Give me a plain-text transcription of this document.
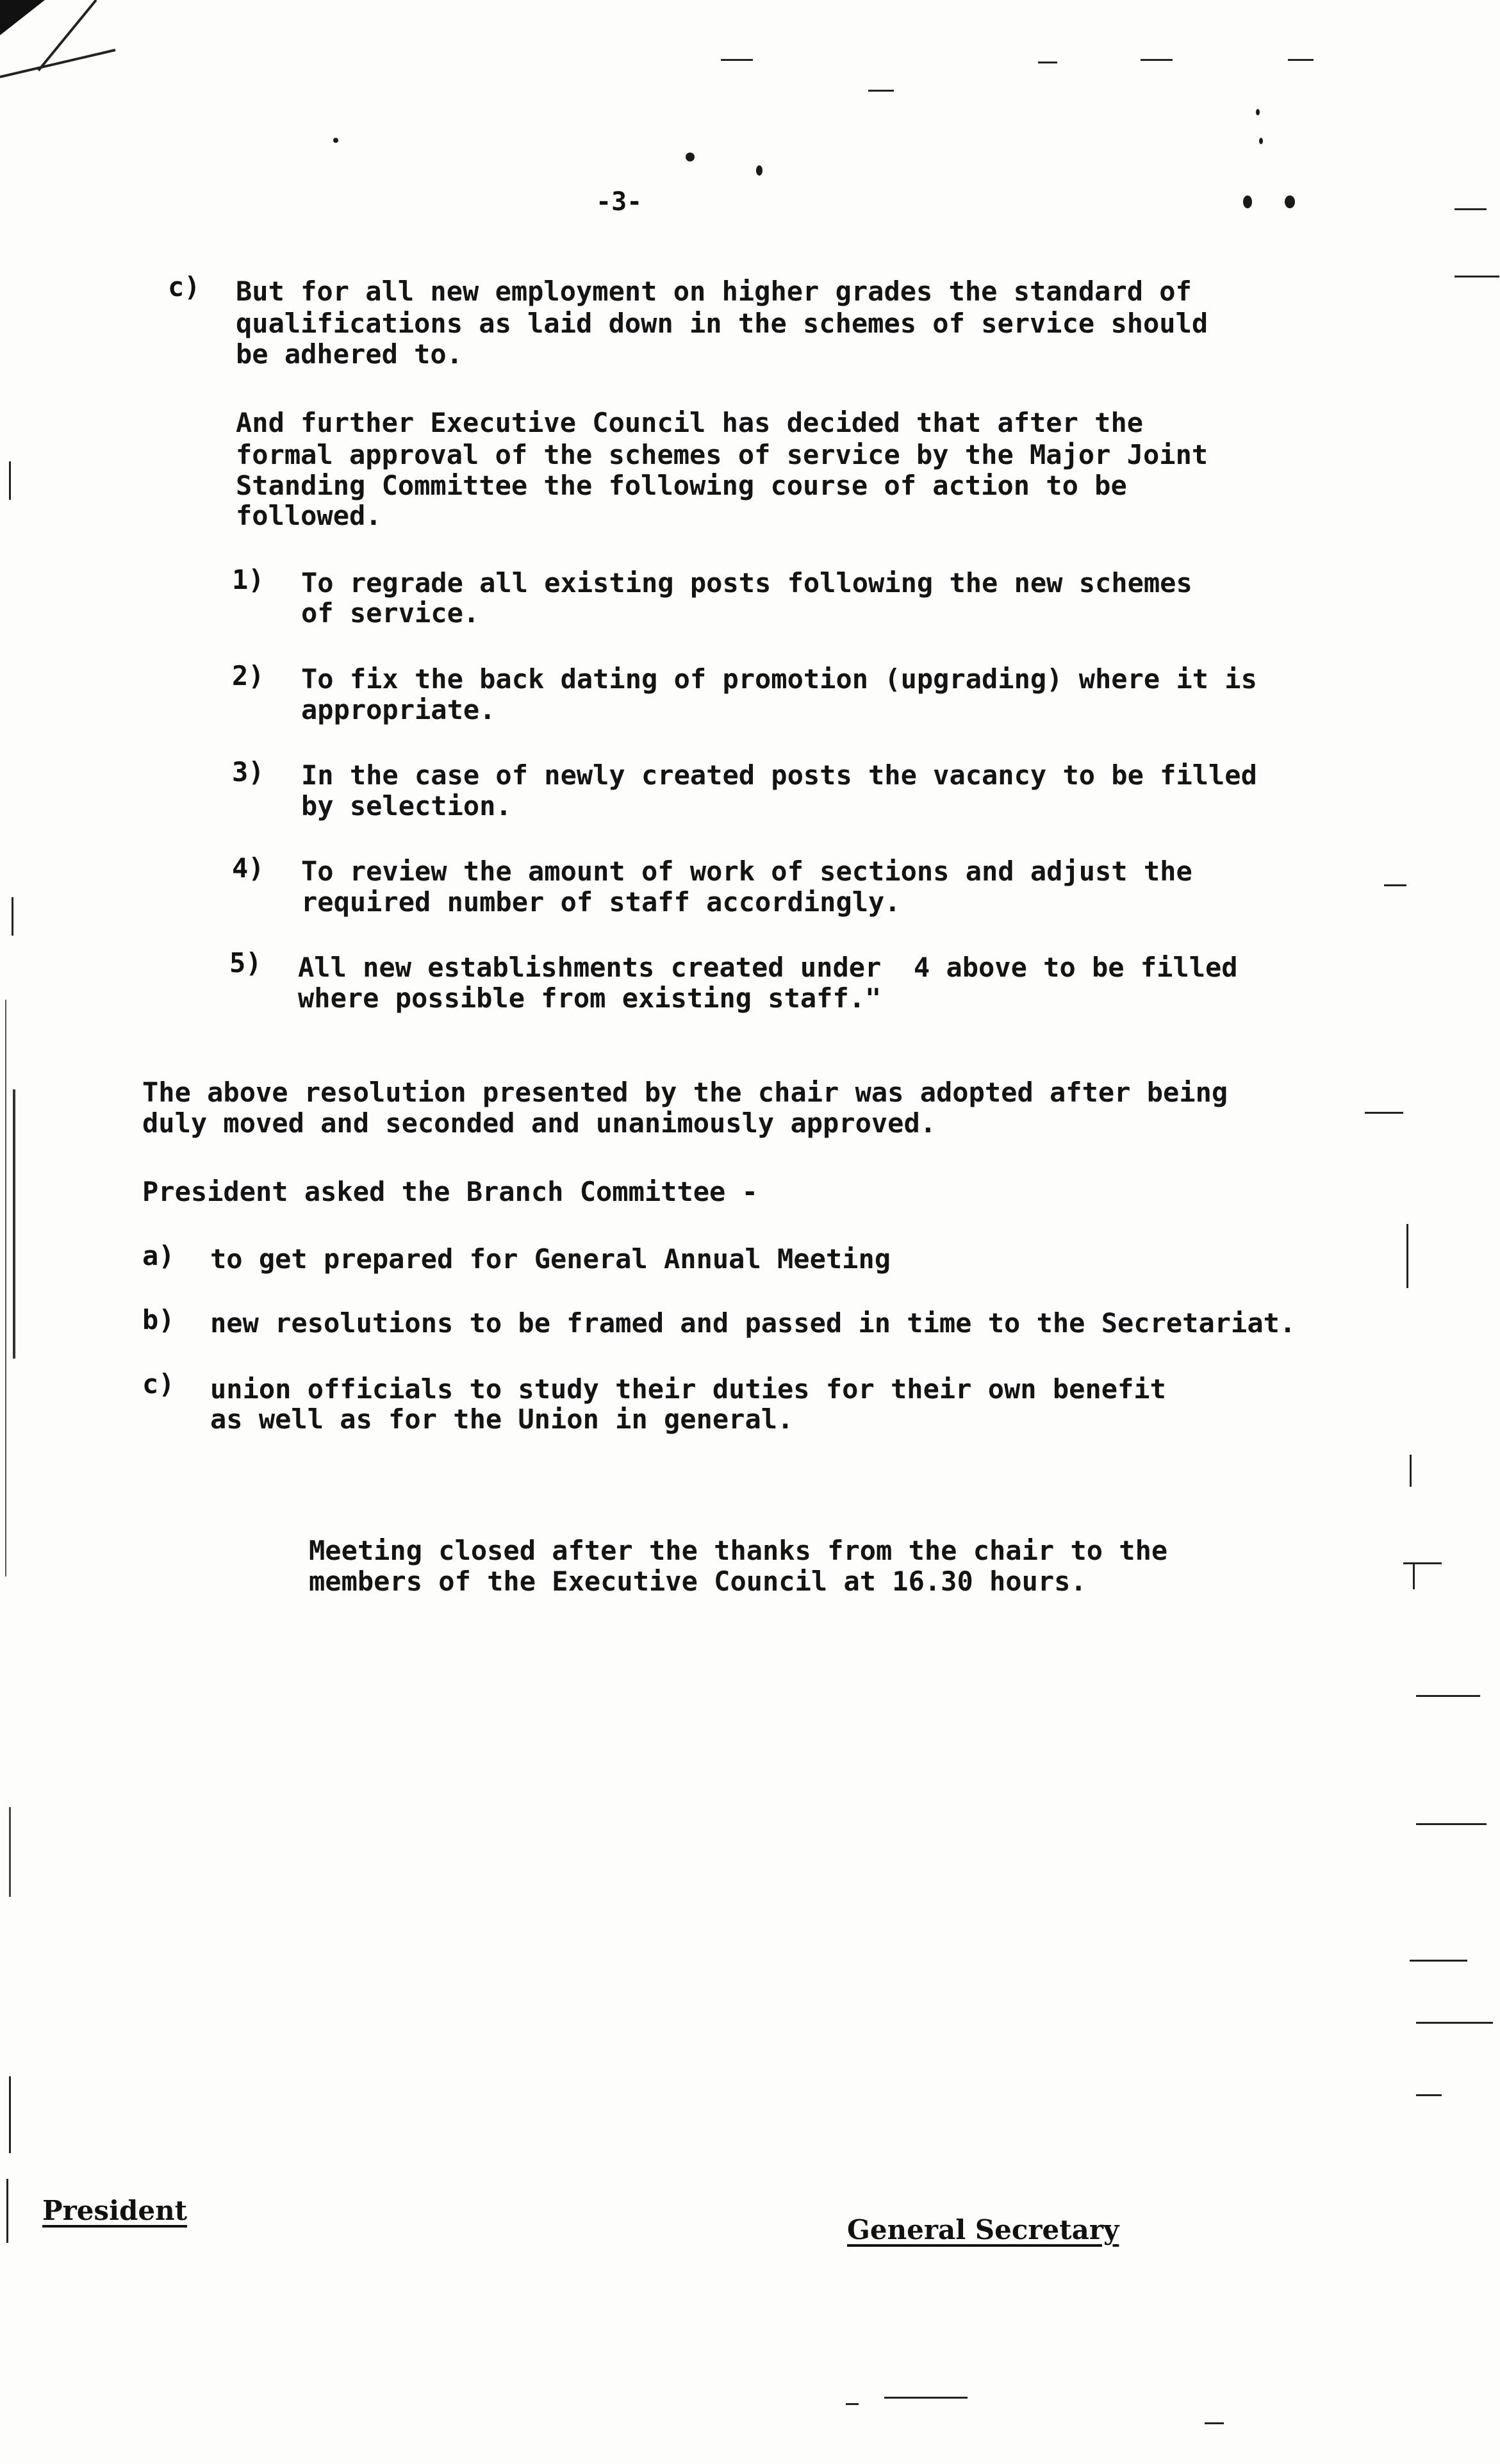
-3-
c) But for all new employment on higher grades the standard of
qualifications as laid down in the schemes of service should
be adhered to.
And further Executive Council has decided that after the
formal approval of the schemes of service by the Major Joint
Standing Committee the following course of action to be
followed.
1) To regrade all existing posts following the new schemes
of service.
2) To fix the back dating of promotion (upgrading) where it is
appropriate.
3) In the case of newly created posts the vacancy to be filled
by selection.
4) To review the amount of work of sections and adjust the
required number of staff accordingly.
5) All new establishments created under  4 above to be filled
where possible from existing staff."
The above resolution presented by the chair was adopted after being
duly moved and seconded and unanimously approved.
President asked the Branch Committee -
a) to get prepared for General Annual Meeting
b) new resolutions to be framed and passed in time to the Secretariat.
c) union officials to study their duties for their own benefit
as well as for the Union in general.
Meeting closed after the thanks from the chair to the
members of the Executive Council at 16.30 hours.
President
General Secretary
